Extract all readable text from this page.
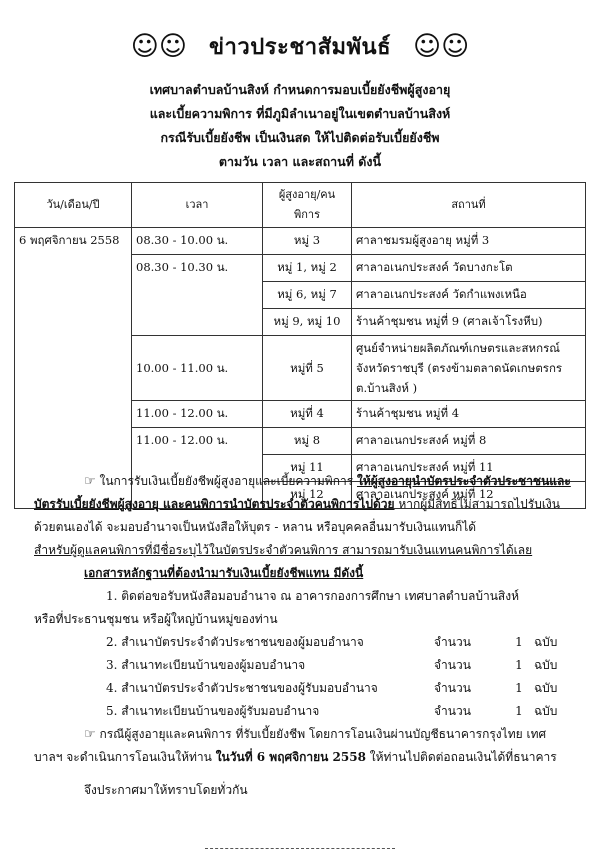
☺☺ ข่าวประชาสัมพันธ์ ☺☺
เทศบาลตำบลบ้านสิงห์ กำหนดการมอบเบี้ยยังชีพผู้สูงอายุ
และเบี้ยความพิการ ที่มีภูมิลำเนาอยู่ในเขตตำบลบ้านสิงห์
กรณีรับเบี้ยยังชีพ เป็นเงินสด ให้ไปติดต่อรับเบี้ยยังชีพ
ตามวัน เวลา และสถานที่ ดังนี้
วัน/เดือน/ปี	เวลา	ผู้สูงอายุ/คนพิการ	สถานที่
6 พฤศจิกายน 2558	08.30 - 10.00 น.	หมู่ 3	ศาลาชมรมผู้สูงอายุ หมู่ที่ 3
	08.30 - 10.30 น.	หมู่ 1, หมู่ 2	ศาลาอเนกประสงค์ วัดบางกะโต
		หมู่ 6, หมู่ 7	ศาลาอเนกประสงค์ วัดกำแพงเหนือ
		หมู่ 9, หมู่ 10	ร้านค้าชุมชน หมู่ที่ 9 (ศาลเจ้าโรงหีบ)
	10.00 - 11.00 น.	หมู่ที่ 5	ศูนย์จำหน่ายผลิตภัณฑ์เกษตรและสหกรณ์ จังหวัดราชบุรี (ตรงข้ามตลาดนัดเกษตรกร ต.บ้านสิงห์ )
	11.00 - 12.00 น.	หมู่ที่ 4	ร้านค้าชุมชน หมู่ที่ 4
	11.00 - 12.00 น.	หมู่ 8	ศาลาอเนกประสงค์ หมู่ที่ 8
		หมู่ 11	ศาลาอเนกประสงค์ หมู่ที่ 11
		หมู่ 12	ศาลาอเนกประสงค์ หมู่ที่ 12

☞ ในการรับเงินเบี้ยยังชีพผู้สูงอายุและเบี้ยความพิการ ให้ผู้สูงอายุนำบัตรประจำตัวประชาชนและบัตรรับเบี้ยยังชีพผู้สูงอายุ และคนพิการนำบัตรประจำตัวคนพิการไปด้วย หากผู้มีสิทธิไม่สามารถไปรับเงินด้วยตนเองได้ จะมอบอำนาจเป็นหนังสือให้บุตร - หลาน หรือบุคคลอื่นมารับเงินแทนก็ได้

สำหรับผู้ดูแลคนพิการที่มีชื่อระบุไว้ในบัตรประจำตัวคนพิการ สามารถมารับเงินแทนคนพิการได้เลย

เอกสารหลักฐานที่ต้องนำมารับเงินเบี้ยยังชีพแทน มีดังนี้

1. ติดต่อขอรับหนังสือมอบอำนาจ ณ อาคารกองการศึกษา เทศบาลตำบลบ้านสิงห์

หรือที่ประธานชุมชน หรือผู้ใหญ่บ้านหมู่ของท่าน

2. สำเนาบัตรประจำตัวประชาชนของผู้มอบอำนาจ	จำนวน	1 ฉบับ
3. สำเนาทะเบียนบ้านของผู้มอบอำนาจ	จำนวน	1 ฉบับ
4. สำเนาบัตรประจำตัวประชาชนของผู้รับมอบอำนาจ	จำนวน	1 ฉบับ
5. สำเนาทะเบียนบ้านของผู้รับมอบอำนาจ	จำนวน	1 ฉบับ

☞ กรณีผู้สูงอายุและคนพิการ ที่รับเบี้ยยังชีพ โดยการโอนเงินผ่านบัญชีธนาคารกรุงไทย เทศบาลฯ จะดำเนินการโอนเงินให้ท่าน ในวันที่ 6 พฤศจิกายน 2558 ให้ท่านไปติดต่อถอนเงินได้ที่ธนาคาร

จึงประกาศมาให้ทราบโดยทั่วกัน
